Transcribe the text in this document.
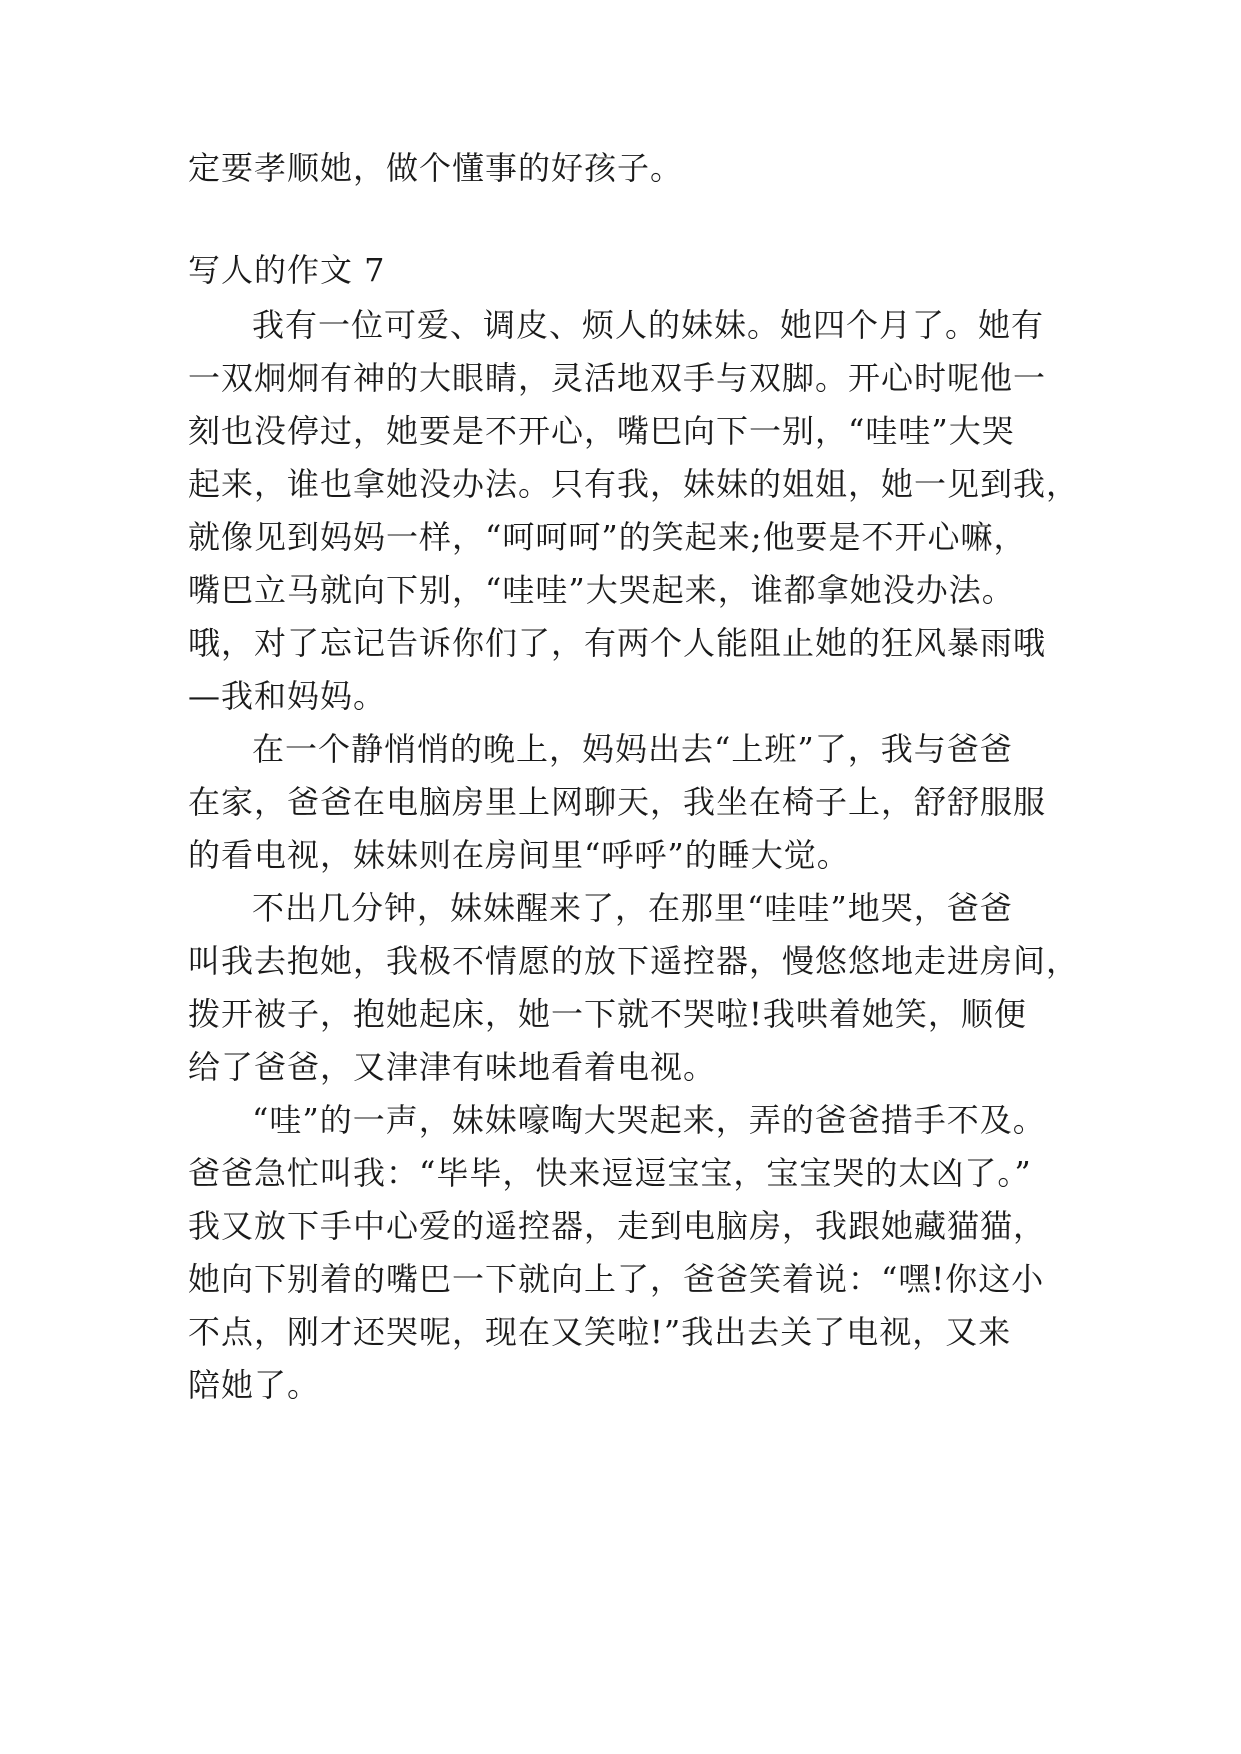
定要孝顺她，做个懂事的好孩子。
写人的作文 7
我有一位可爱、调皮、烦人的妹妹。她四个月了。她有
一双炯炯有神的大眼睛，灵活地双手与双脚。开心时呢他一
刻也没停过，她要是不开心，嘴巴向下一别，“哇哇”大哭
起来，谁也拿她没办法。只有我，妹妹的姐姐，她一见到我，
就像见到妈妈一样，“呵呵呵”的笑起来;他要是不开心嘛，
嘴巴立马就向下别，“哇哇”大哭起来，谁都拿她没办法。
哦，对了忘记告诉你们了，有两个人能阻止她的狂风暴雨哦
—我和妈妈。
在一个静悄悄的晚上，妈妈出去“上班”了，我与爸爸
在家，爸爸在电脑房里上网聊天，我坐在椅子上，舒舒服服
的看电视，妹妹则在房间里“呼呼”的睡大觉。
不出几分钟，妹妹醒来了，在那里“哇哇”地哭，爸爸
叫我去抱她，我极不情愿的放下遥控器，慢悠悠地走进房间，
拨开被子，抱她起床，她一下就不哭啦!我哄着她笑，顺便
给了爸爸，又津津有味地看着电视。
“哇”的一声，妹妹嚎啕大哭起来，弄的爸爸措手不及。
爸爸急忙叫我：“毕毕，快来逗逗宝宝，宝宝哭的太凶了。”
我又放下手中心爱的遥控器，走到电脑房，我跟她藏猫猫，
她向下别着的嘴巴一下就向上了，爸爸笑着说：“嘿!你这小
不点，刚才还哭呢，现在又笑啦!”我出去关了电视，又来
陪她了。
